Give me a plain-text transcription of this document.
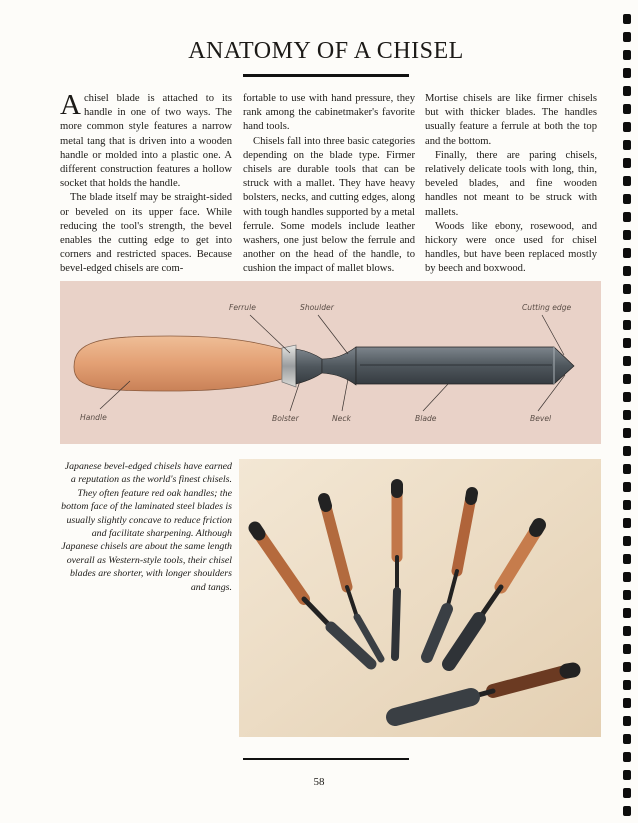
ANATOMY OF A CHISEL

Achisel blade is attached to its handle in one of two ways. The more common style features a narrow metal tang that is driven into a wooden handle or molded into a plastic one. A different construction features a hollow socket that holds the handle.

The blade itself may be straight-sided or beveled on its upper face. While reducing the tool's strength, the bevel enables the cutting edge to get into corners and restricted spaces. Because bevel-edged chisels are com-

fortable to use with hand pressure, they rank among the cabinetmaker's favorite hand tools.

Chisels fall into three basic categories depending on the blade type. Firmer chisels are durable tools that can be struck with a mallet. They have heavy bolsters, necks, and cutting edges, along with tough handles supported by a metal ferrule. Some models include leather washers, one just below the ferrule and another on the head of the handle, to cushion the impact of mallet blows.

Mortise chisels are like firmer chisels but with thicker blades. The handles usually feature a ferrule at both the top and the bottom.

Finally, there are paring chisels, relatively delicate tools with long, thin, beveled blades, and fine wooden handles not meant to be struck with mallets.

Woods like ebony, rosewood, and hickory were once used for chisel handles, but have been replaced mostly by beech and boxwood.

Ferrule	Shoulder	Cutting edge
Handle	Bolster	Neck	Blade	Bevel
Japanese bevel-edged chisels have earned a reputation as the world's finest chisels. They often feature red oak handles; the bottom face of the laminated steel blades is usually slightly concave to reduce friction and facilitate sharpening. Although Japanese chisels are about the same length overall as Western-style tools, their chisel blades are shorter, with longer shoulders and tangs.
58
